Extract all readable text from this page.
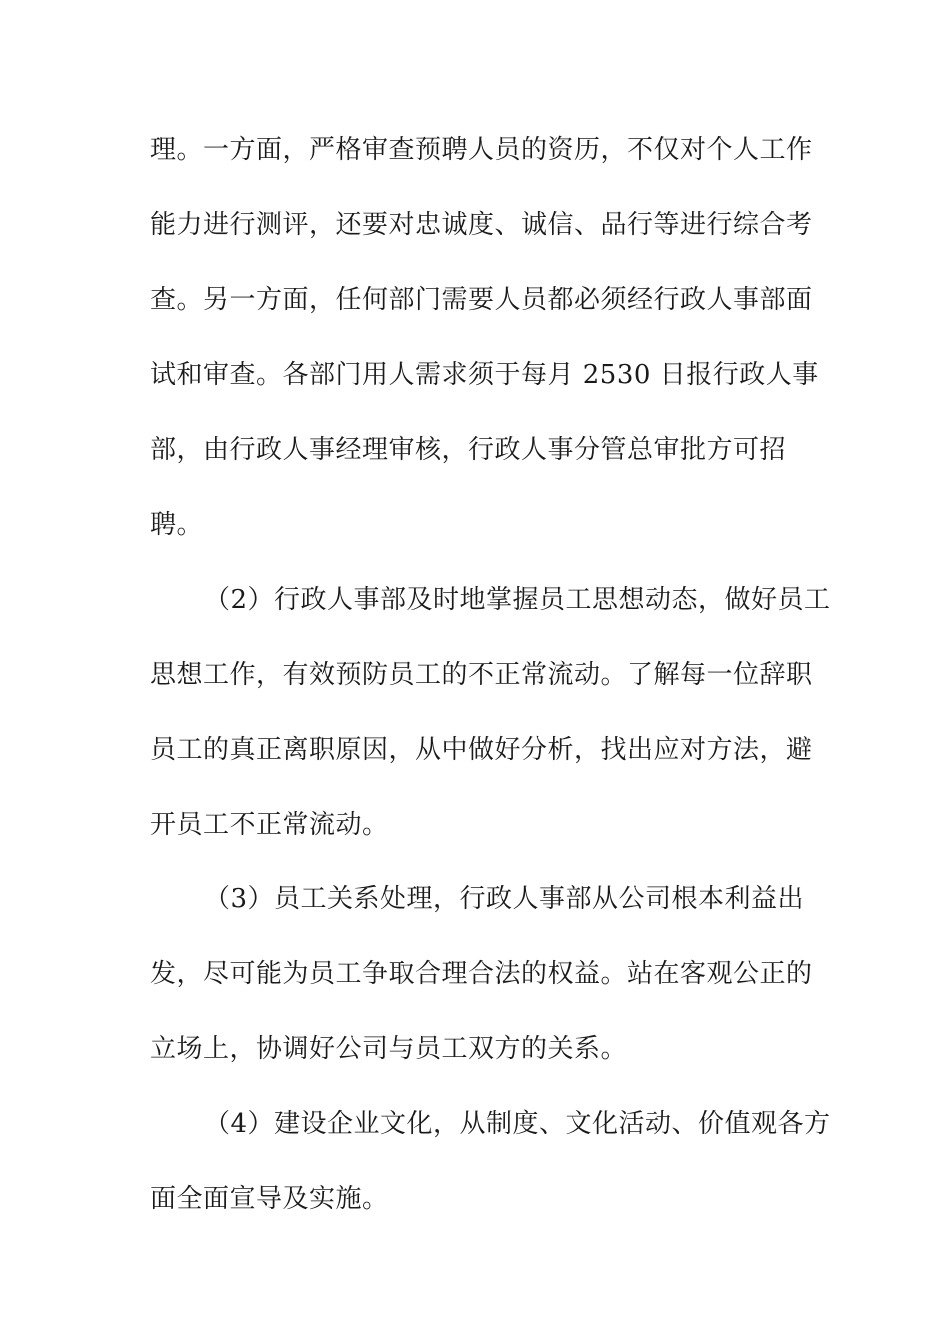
理。一方面，严格审查预聘人员的资历，不仅对个人工作
能力进行测评，还要对忠诚度、诚信、品行等进行综合考
查。另一方面，任何部门需要人员都必须经行政人事部面
试和审查。各部门用人需求须于每月 2530 日报行政人事
部，由行政人事经理审核，行政人事分管总审批方可招
聘。
（2）行政人事部及时地掌握员工思想动态，做好员工
思想工作，有效预防员工的不正常流动。了解每一位辞职
员工的真正离职原因，从中做好分析，找出应对方法，避
开员工不正常流动。
（3）员工关系处理，行政人事部从公司根本利益出
发，尽可能为员工争取合理合法的权益。站在客观公正的
立场上，协调好公司与员工双方的关系。
（4）建设企业文化，从制度、文化活动、价值观各方
面全面宣导及实施。
